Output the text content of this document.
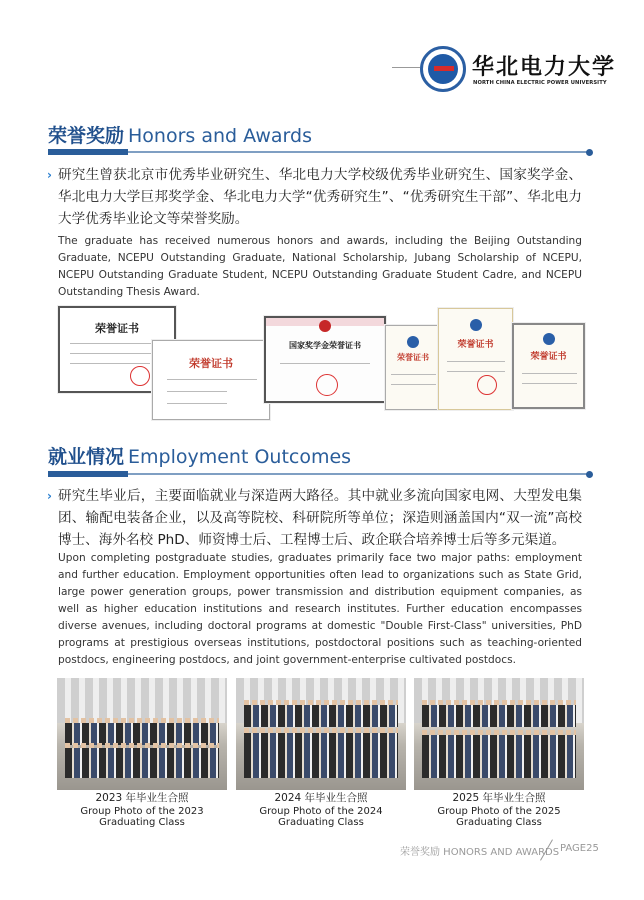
华北电力大学
NORTH CHINA ELECTRIC POWER UNIVERSITY
荣誉奖励 Honors and Awards
› 研究生曾获北京市优秀毕业研究生、华北电力大学校级优秀毕业研究生、国家奖学金、华北电力大学巨邦奖学金、华北电力大学“优秀研究生”、“优秀研究生干部”、华北电力大学优秀毕业论文等荣誉奖励。
The graduate has received numerous honors and awards, including the Beijing Outstanding Graduate, NCEPU Outstanding Graduate, National Scholarship, Jubang Scholarship of NCEPU, NCEPU Outstanding Graduate Student, NCEPU Outstanding Graduate Student Cadre, and NCEPU Outstanding Thesis Award.
荣誉证书
荣誉证书
国家奖学金荣誉证书
荣誉证书
荣誉证书
荣誉证书
就业情况 Employment Outcomes
› 研究生毕业后，主要面临就业与深造两大路径。其中就业多流向国家电网、大型发电集团、输配电装备企业，以及高等院校、科研院所等单位；深造则涵盖国内“双一流”高校博士、海外名校 PhD、师资博士后、工程博士后、政企联合培养博士后等多元渠道。
Upon completing postgraduate studies, graduates primarily face two major paths: employment and further education. Employment opportunities often lead to organizations such as State Grid, large power generation groups, power transmission and distribution equipment companies, as well as higher education institutions and research institutes. Further education encompasses diverse avenues, including doctoral programs at domestic "Double First-Class" universities, PhD programs at prestigious overseas institutions, postdoctoral positions such as teaching-oriented postdocs, engineering postdocs, and joint government-enterprise cultivated postdocs.
2023 年毕业生合照
Group Photo of the 2023 Graduating Class
2024 年毕业生合照
Group Photo of the 2024 Graduating Class
2025 年毕业生合照
Group Photo of the 2025 Graduating Class
荣誉奖励 HONORS AND AWARDS PAGE25
